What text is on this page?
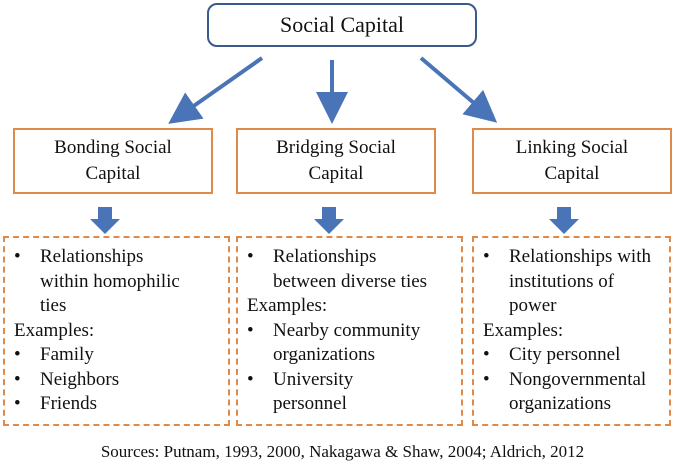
Social Capital
Bonding Social
Capital
Bridging Social
Capital
Linking Social
Capital
•	Relationships
within homophilic
ties
Examples:
•	Family
•	Neighbors
•	Friends
•	Relationships
between diverse ties
Examples:
•	Nearby community
organizations
•	University
personnel
•	Relationships with
institutions of
power
Examples:
•	City personnel
•	Nongovernmental
organizations
Sources: Putnam, 1993, 2000, Nakagawa & Shaw, 2004; Aldrich, 2012
